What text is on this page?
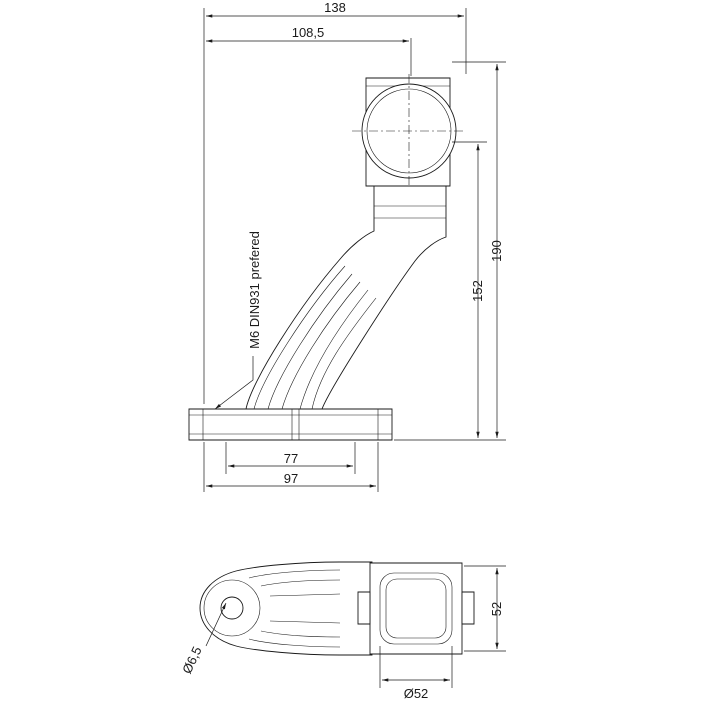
138
108,5
190
152
77
97
M6 DIN931 prefered
52
Ø52
Ø6,5
